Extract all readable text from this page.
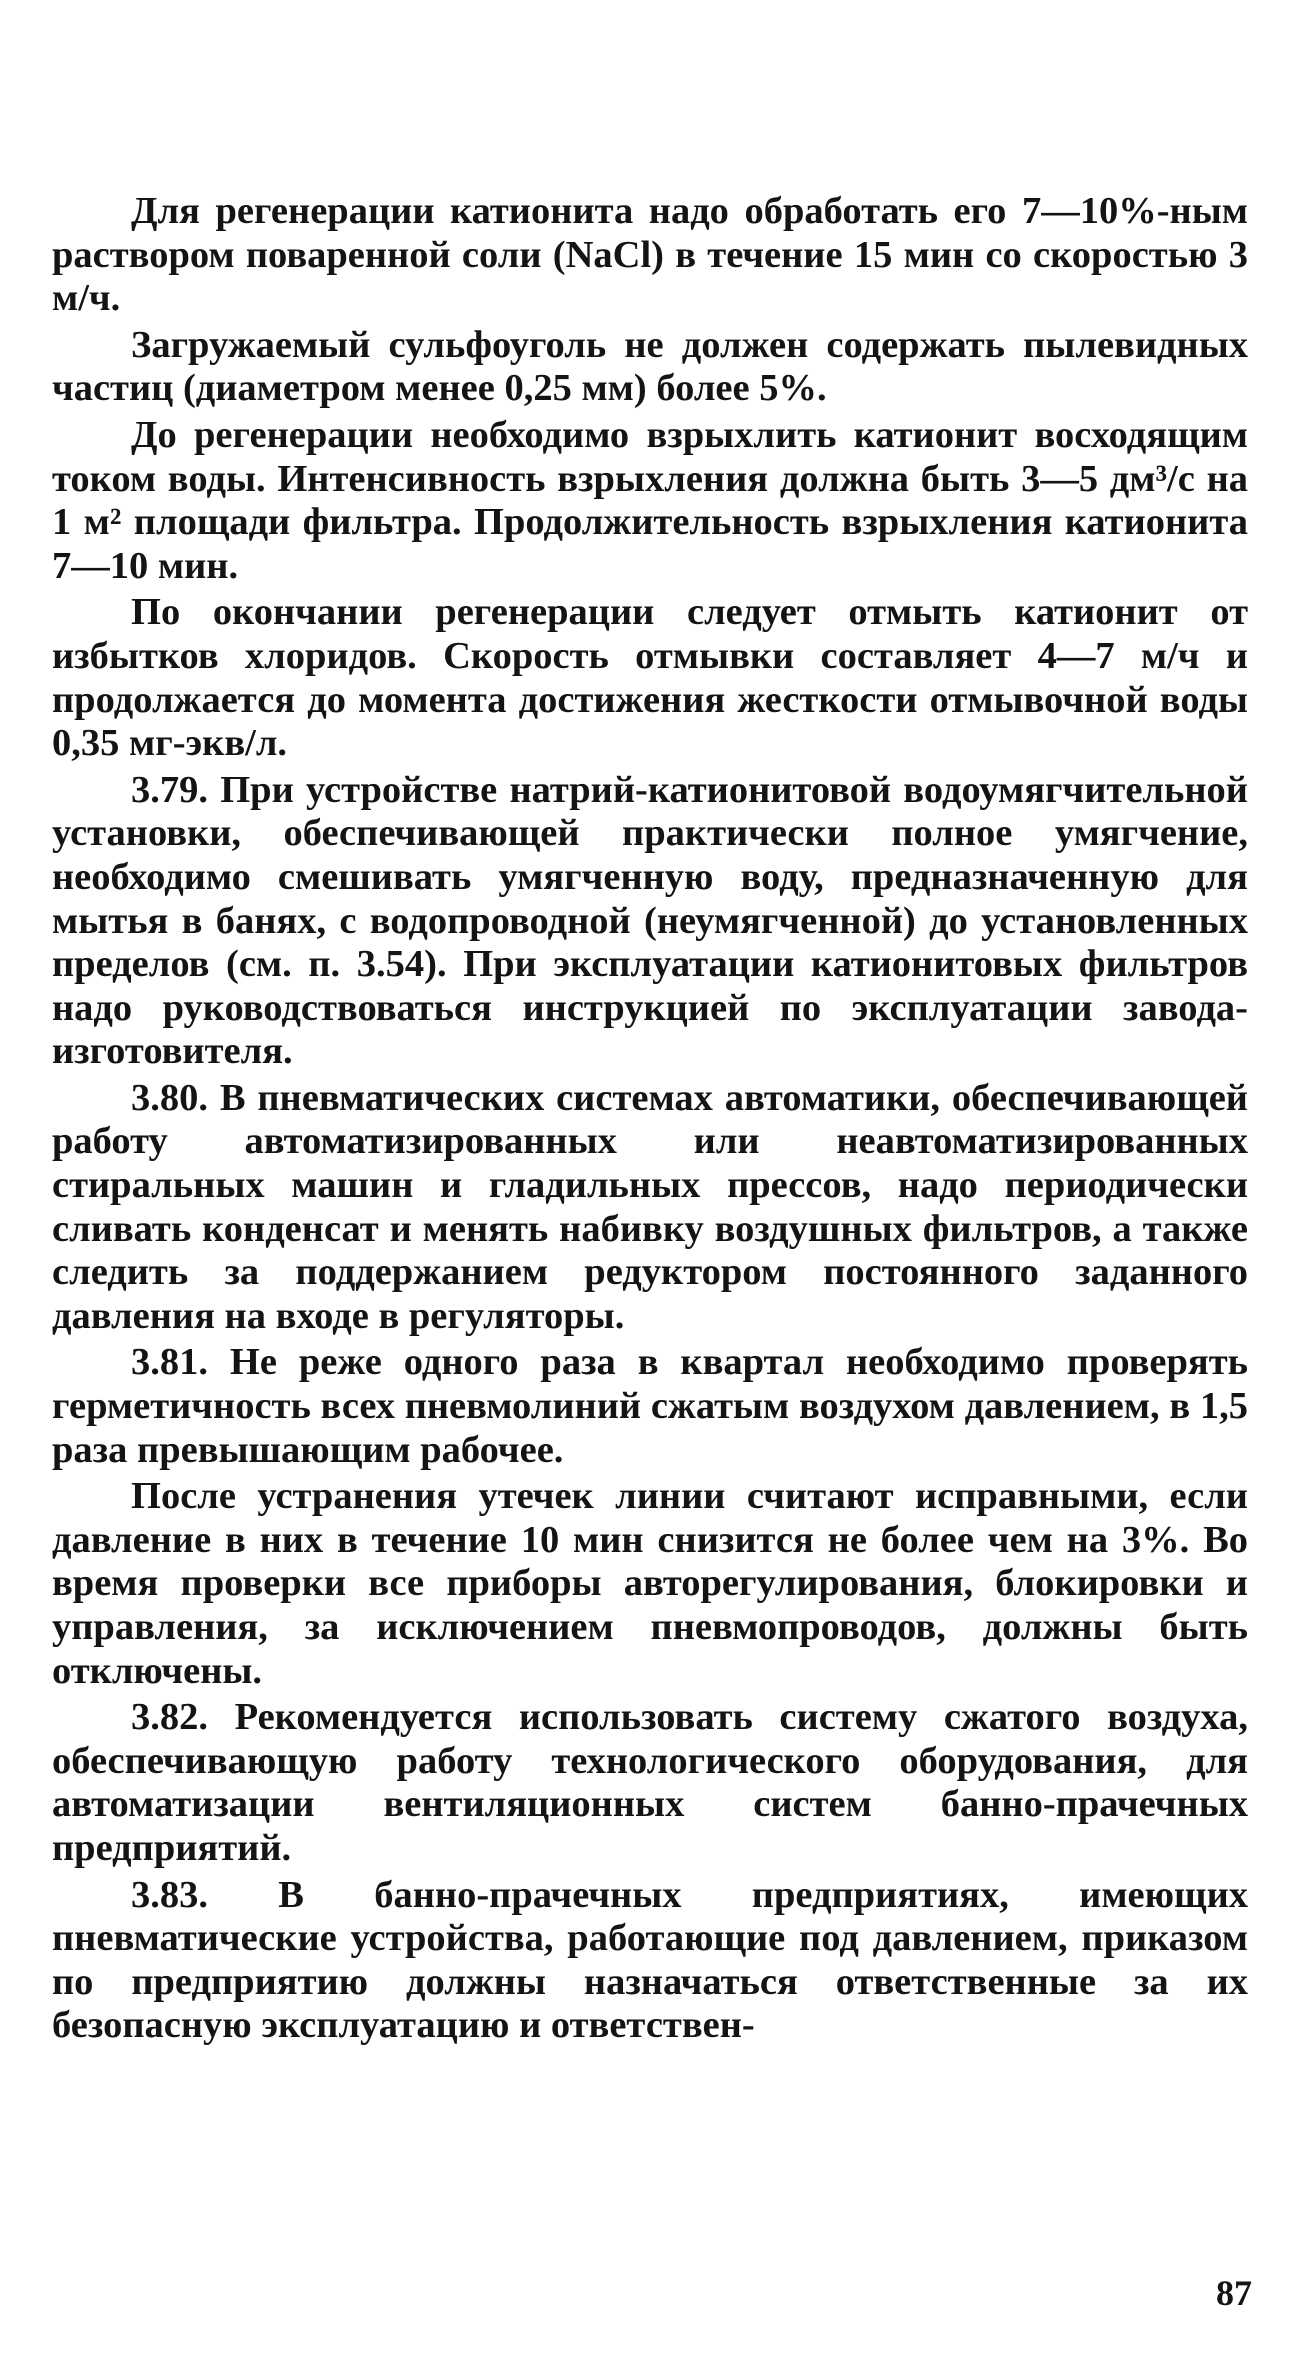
Для регенерации катионита надо обработать его 7—10%-ным раствором поваренной соли (NaCl) в течение 15 мин со скоростью 3 м/ч.

Загружаемый сульфоуголь не должен содержать пылевидных частиц (диаметром менее 0,25 мм) более 5%.

До регенерации необходимо взрыхлить катионит восходящим током воды. Интенсивность взрыхления должна быть 3—5 дм³/с на 1 м² площади фильтра. Продолжительность взрыхления катионита 7—10 мин.

По окончании регенерации следует отмыть катионит от избытков хлоридов. Скорость отмывки составляет 4—7 м/ч и продолжается до момента достижения жесткости отмывочной воды 0,35 мг-экв/л.

3.79. При устройстве натрий-катионитовой водоумягчительной установки, обеспечивающей практически полное умягчение, необходимо смешивать умягченную воду, предназначенную для мытья в банях, с водопроводной (неумягченной) до установленных пределов (см. п. 3.54). При эксплуатации катионитовых фильтров надо руководствоваться инструкцией по эксплуатации завода-изготовителя.

3.80. В пневматических системах автоматики, обеспечивающей работу автоматизированных или неавтоматизированных стиральных машин и гладильных прессов, надо периодически сливать конденсат и менять набивку воздушных фильтров, а также следить за поддержанием редуктором постоянного заданного давления на входе в регуляторы.

3.81. Не реже одного раза в квартал необходимо проверять герметичность всех пневмолиний сжатым воздухом давлением, в 1,5 раза превышающим рабочее.

После устранения утечек линии считают исправными, если давление в них в течение 10 мин снизится не более чем на 3%. Во время проверки все приборы авторегулирования, блокировки и управления, за исключением пневмопроводов, должны быть отключены.

3.82. Рекомендуется использовать систему сжатого воздуха, обеспечивающую работу технологического оборудования, для автоматизации вентиляционных систем банно-прачечных предприятий.

3.83. В банно-прачечных предприятиях, имеющих пневматические устройства, работающие под давлением, приказом по предприятию должны назначаться ответственные за их безопасную эксплуатацию и ответствен-

87
